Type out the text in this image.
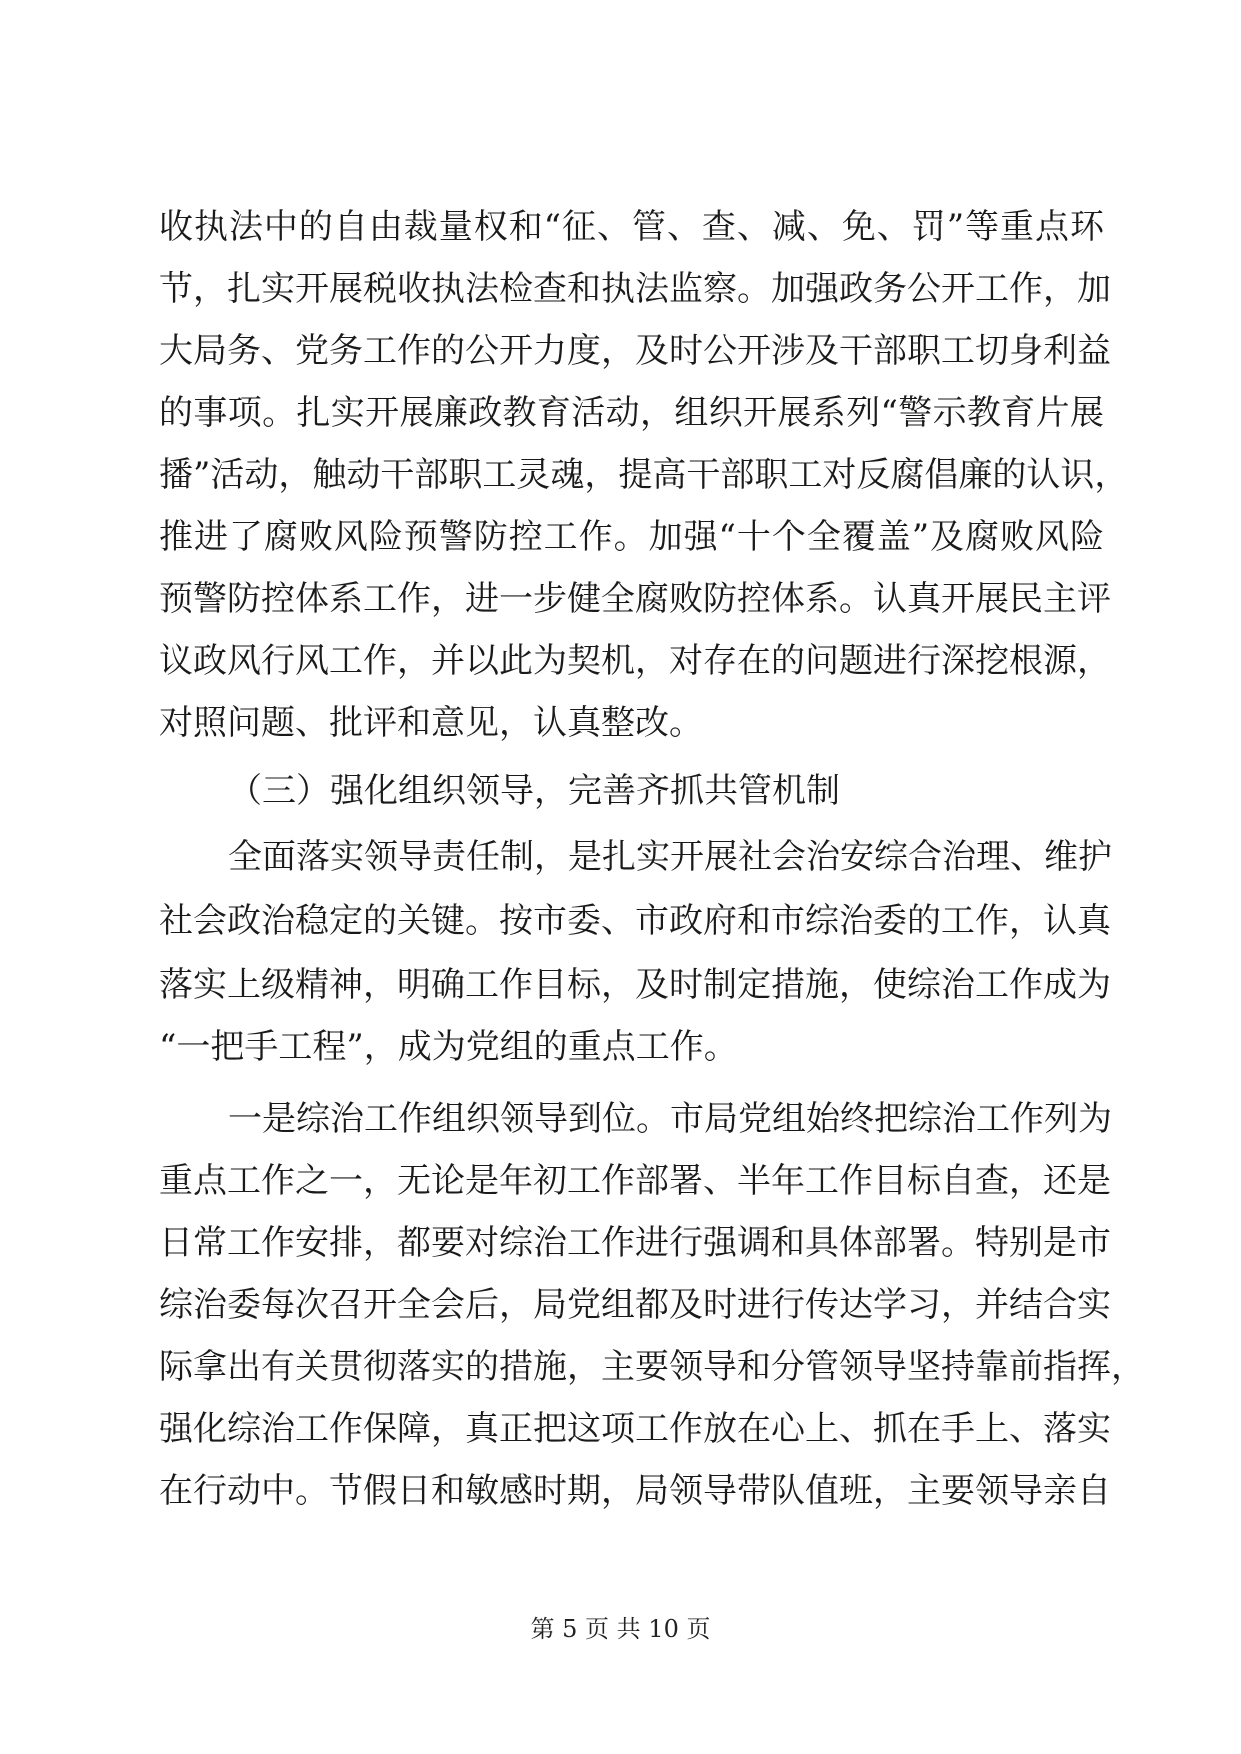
收执法中的自由裁量权和“征、管、查、减、免、罚”等重点环
节，扎实开展税收执法检查和执法监察。加强政务公开工作，加
大局务、党务工作的公开力度，及时公开涉及干部职工切身利益
的事项。扎实开展廉政教育活动，组织开展系列“警示教育片展
播”活动，触动干部职工灵魂，提高干部职工对反腐倡廉的认识，
推进了腐败风险预警防控工作。加强“十个全覆盖”及腐败风险
预警防控体系工作，进一步健全腐败防控体系。认真开展民主评
议政风行风工作，并以此为契机，对存在的问题进行深挖根源，
对照问题、批评和意见，认真整改。
（三）强化组织领导，完善齐抓共管机制
全面落实领导责任制，是扎实开展社会治安综合治理、维护
社会政治稳定的关键。按市委、市政府和市综治委的工作，认真
落实上级精神，明确工作目标，及时制定措施，使综治工作成为
“一把手工程”，成为党组的重点工作。
一是综治工作组织领导到位。市局党组始终把综治工作列为
重点工作之一，无论是年初工作部署、半年工作目标自查，还是
日常工作安排，都要对综治工作进行强调和具体部署。特别是市
综治委每次召开全会后，局党组都及时进行传达学习，并结合实
际拿出有关贯彻落实的措施，主要领导和分管领导坚持靠前指挥，
强化综治工作保障，真正把这项工作放在心上、抓在手上、落实
在行动中。节假日和敏感时期，局领导带队值班，主要领导亲自
第 5 页 共 10 页
